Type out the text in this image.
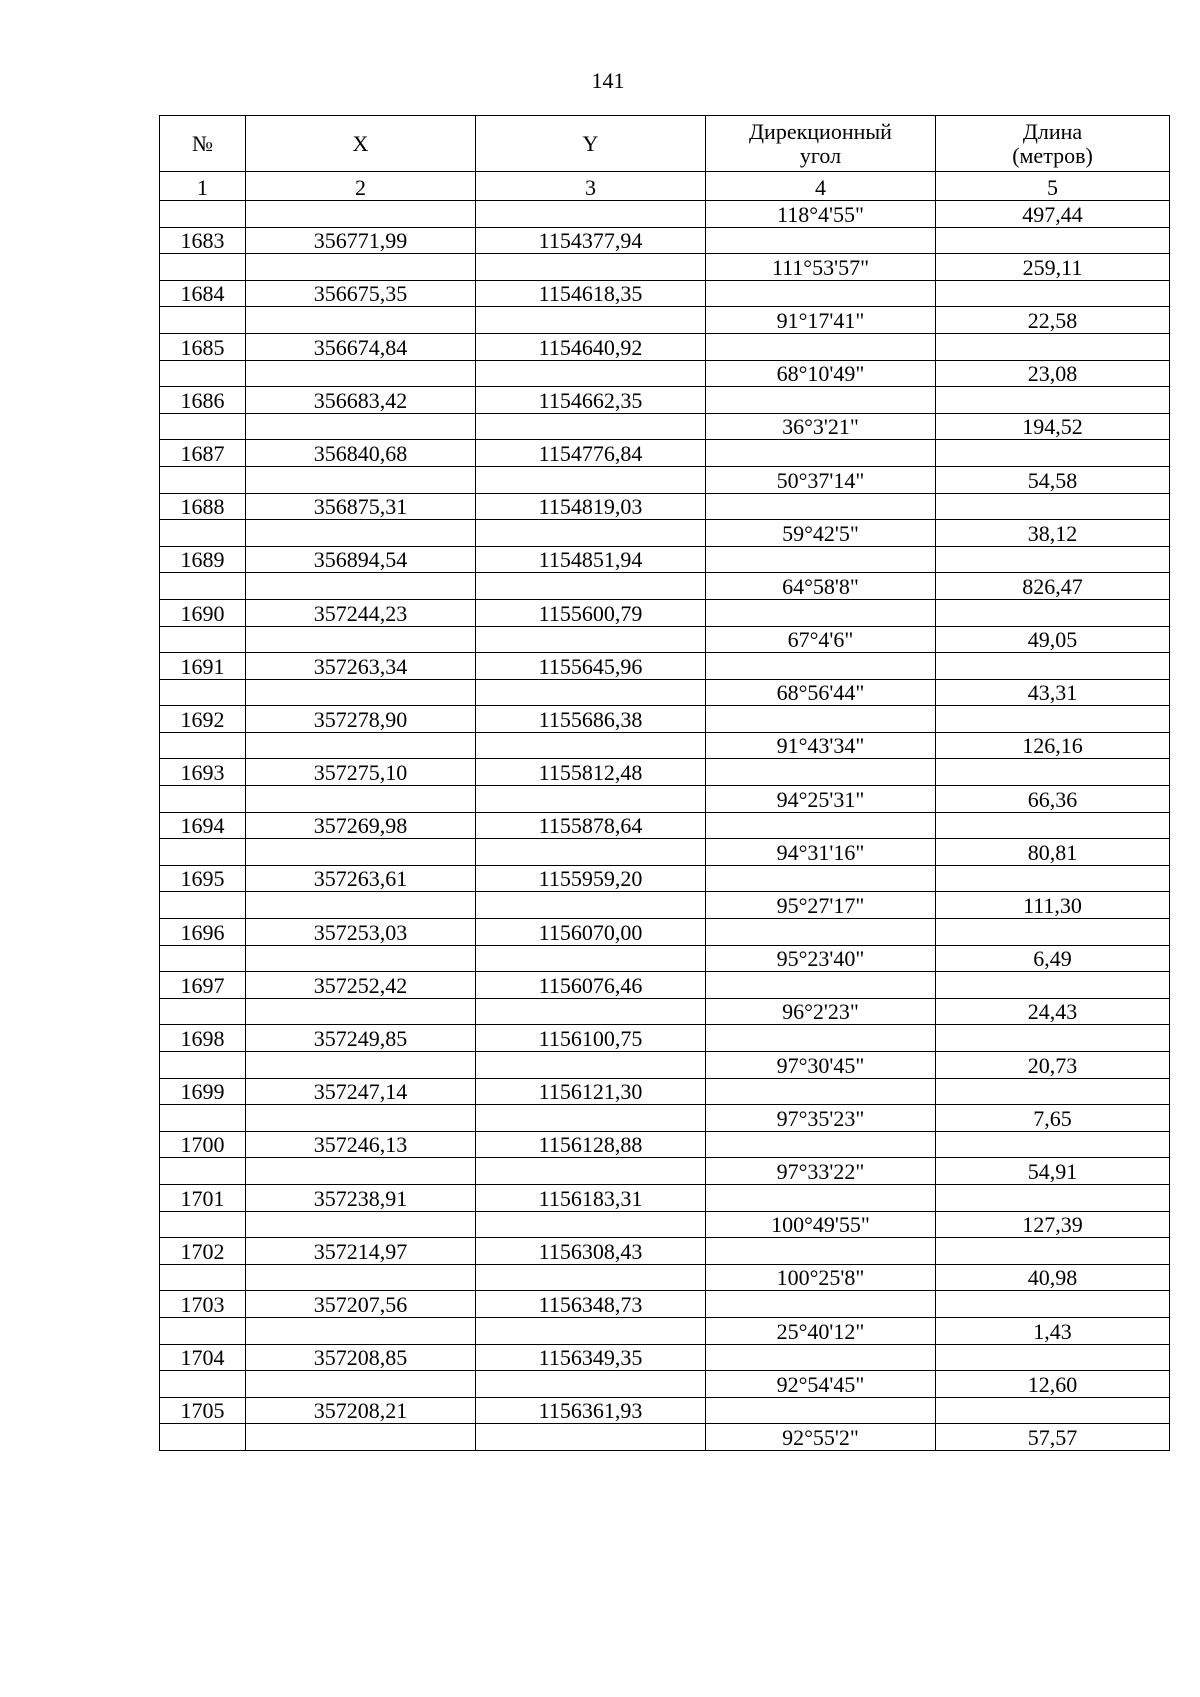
141
№	X	Y	Дирекционный
угол	Длина
(метров)
1	2	3	4	5
			118°4'55"	497,44
1683	356771,99	1154377,94		
			111°53'57"	259,11
1684	356675,35	1154618,35		
			91°17'41"	22,58
1685	356674,84	1154640,92		
			68°10'49"	23,08
1686	356683,42	1154662,35		
			36°3'21"	194,52
1687	356840,68	1154776,84		
			50°37'14"	54,58
1688	356875,31	1154819,03		
			59°42'5"	38,12
1689	356894,54	1154851,94		
			64°58'8"	826,47
1690	357244,23	1155600,79		
			67°4'6"	49,05
1691	357263,34	1155645,96		
			68°56'44"	43,31
1692	357278,90	1155686,38		
			91°43'34"	126,16
1693	357275,10	1155812,48		
			94°25'31"	66,36
1694	357269,98	1155878,64		
			94°31'16"	80,81
1695	357263,61	1155959,20		
			95°27'17"	111,30
1696	357253,03	1156070,00		
			95°23'40"	6,49
1697	357252,42	1156076,46		
			96°2'23"	24,43
1698	357249,85	1156100,75		
			97°30'45"	20,73
1699	357247,14	1156121,30		
			97°35'23"	7,65
1700	357246,13	1156128,88		
			97°33'22"	54,91
1701	357238,91	1156183,31		
			100°49'55"	127,39
1702	357214,97	1156308,43		
			100°25'8"	40,98
1703	357207,56	1156348,73		
			25°40'12"	1,43
1704	357208,85	1156349,35		
			92°54'45"	12,60
1705	357208,21	1156361,93		
			92°55'2"	57,57
